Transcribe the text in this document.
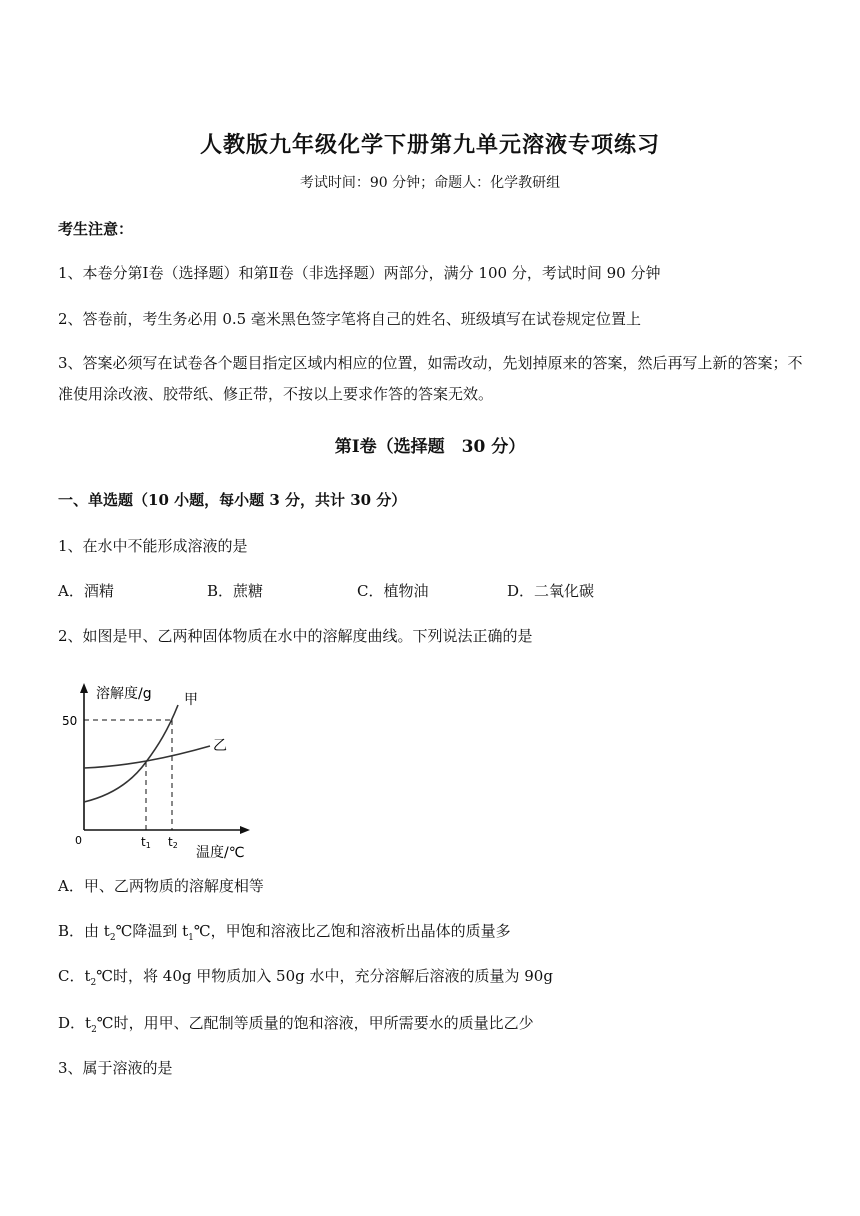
人教版九年级化学下册第九单元溶液专项练习
考试时间：90 分钟；命题人：化学教研组
考生注意：
1、本卷分第Ⅰ卷（选择题）和第Ⅱ卷（非选择题）两部分，满分 100 分，考试时间 90 分钟
2、答卷前，考生务必用 0.5 毫米黑色签字笔将自己的姓名、班级填写在试卷规定位置上
3、答案必须写在试卷各个题目指定区域内相应的位置，如需改动，先划掉原来的答案，然后再写上新的答案；不准使用涂改液、胶带纸、修正带，不按以上要求作答的答案无效。
第Ⅰ卷（选择题　30 分）
一、单选题（10 小题，每小题 3 分，共计 30 分）
1、在水中不能形成溶液的是
A．酒精	B．蔗糖	C．植物油	D．二氧化碳
2、如图是甲、乙两种固体物质在水中的溶解度曲线。下列说法正确的是
溶解度/g 甲
乙
50
0	t1 t2 温度/℃
A．甲、乙两物质的溶解度相等
B．由 $t_2℃$降温到 $t_1℃$，甲饱和溶液比乙饱和溶液析出晶体的质量多
C．$t_2℃$时，将 40g 甲物质加入 50g 水中，充分溶解后溶液的质量为 90g
D．$t_2℃$时，用甲、乙配制等质量的饱和溶液，甲所需要水的质量比乙少
3、属于溶液的是
